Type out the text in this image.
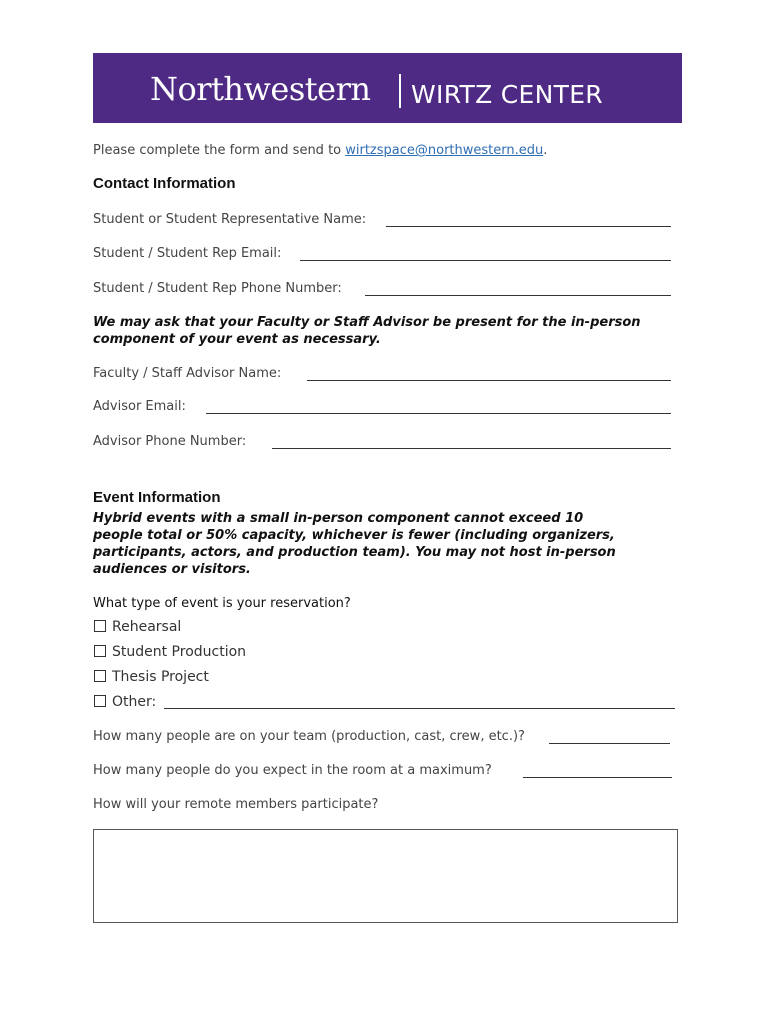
Northwestern WIRTZ CENTER
Please complete the form and send to wirtzspace@northwestern.edu.
Contact Information
Student or Student Representative Name:
Student / Student Rep Email:
Student / Student Rep Phone Number:
We may ask that your Faculty or Staff Advisor be present for the in-person
component of your event as necessary.
Faculty / Staff Advisor Name:
Advisor Email:
Advisor Phone Number:
Event Information
Hybrid events with a small in-person component cannot exceed 10
people total or 50% capacity, whichever is fewer (including organizers,
participants, actors, and production team). You may not host in-person
audiences or visitors.
What type of event is your reservation?
Rehearsal
Student Production
Thesis Project
Other:
How many people are on your team (production, cast, crew, etc.)?
How many people do you expect in the room at a maximum?
How will your remote members participate?
